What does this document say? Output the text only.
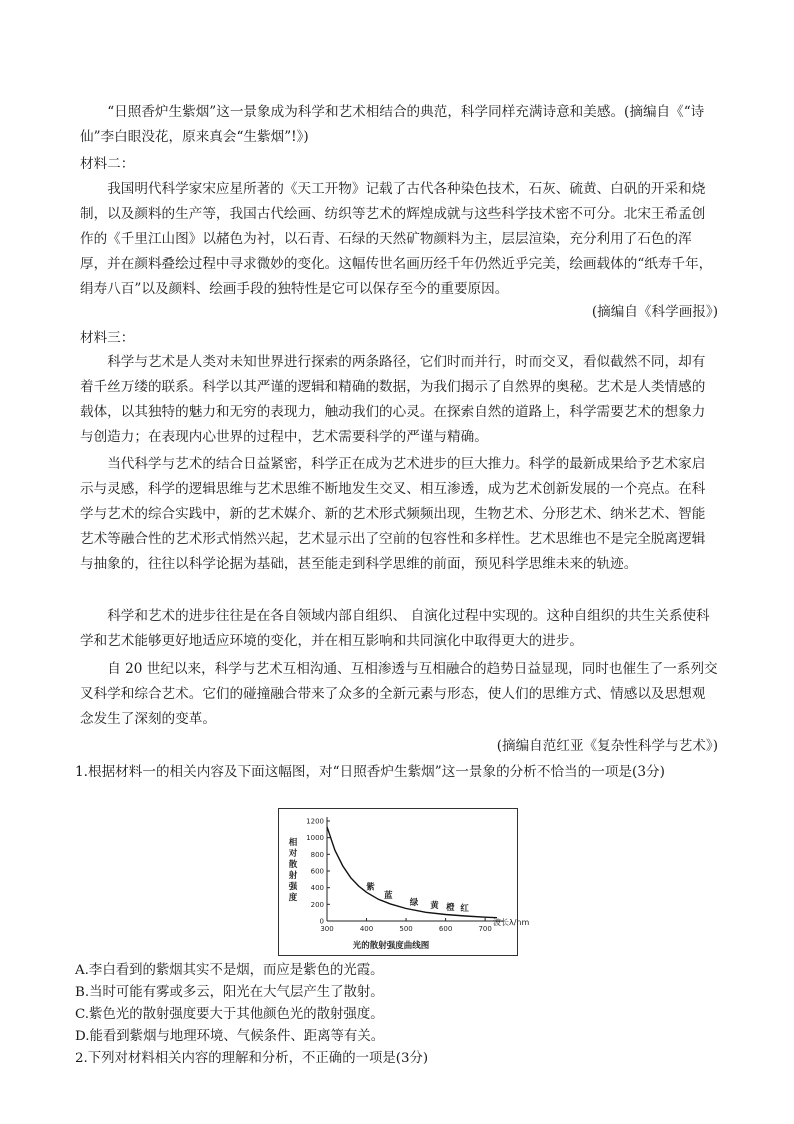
“日照香炉生紫烟”这一景象成为科学和艺术相结合的典范，科学同样充满诗意和美感。(摘编自《“诗仙”李白眼没花，原来真会“生紫烟”!》)

材料二：

我国明代科学家宋应星所著的《天工开物》记载了古代各种染色技术，石灰、硫黄、白矾的开采和烧制，以及颜料的生产等，我国古代绘画、纺织等艺术的辉煌成就与这些科学技术密不可分。北宋王希孟创作的《千里江山图》以赭色为衬，以石青、石绿的天然矿物颜料为主，层层渲染，充分利用了石色的浑厚，并在颜料叠绘过程中寻求微妙的变化。这幅传世名画历经千年仍然近乎完美，绘画载体的“纸寿千年，绢寿八百”以及颜料、绘画手段的独特性是它可以保存至今的重要原因。

(摘编自《科学画报》)

材料三：

科学与艺术是人类对未知世界进行探索的两条路径，它们时而并行，时而交叉，看似截然不同，却有着千丝万缕的联系。科学以其严谨的逻辑和精确的数据，为我们揭示了自然界的奥秘。艺术是人类情感的载体，以其独特的魅力和无穷的表现力，触动我们的心灵。在探索自然的道路上，科学需要艺术的想象力与创造力；在表现内心世界的过程中，艺术需要科学的严谨与精确。

当代科学与艺术的结合日益紧密，科学正在成为艺术进步的巨大推力。科学的最新成果给予艺术家启示与灵感，科学的逻辑思维与艺术思维不断地发生交叉、相互渗透，成为艺术创新发展的一个亮点。在科学与艺术的综合实践中，新的艺术媒介、新的艺术形式频频出现，生物艺术、分形艺术、纳米艺术、智能艺术等融合性的艺术形式悄然兴起，艺术显示出了空前的包容性和多样性。艺术思维也不是完全脱离逻辑与抽象的，往往以科学论据为基础，甚至能走到科学思维的前面，预见科学思维未来的轨迹。

科学和艺术的进步往往是在各自领域内部自组织、 自演化过程中实现的。这种自组织的共生关系使科学和艺术能够更好地适应环境的变化，并在相互影响和共同演化中取得更大的进步。

自 20 世纪以来，科学与艺术互相沟通、互相渗透与互相融合的趋势日益显现，同时也催生了一系列交叉科学和综合艺术。它们的碰撞融合带来了众多的全新元素与形态，使人们的思维方式、情感以及思想观念发生了深刻的变革。

(摘编自范红亚《复杂性科学与艺术》)

1.根据材料一的相关内容及下面这幅图，对“日照香炉生紫烟”这一景象的分析不恰当的一项是(3分)

300	400	500	600	700
0
200
400
600
800
1000
1200
相
对
散
射
强
度
波长λ/nm
紫
蓝
绿 黄 橙 红
光的散射强度曲线图
A.李白看到的紫烟其实不是烟，而应是紫色的光霞。
B.当时可能有雾或多云，阳光在大气层产生了散射。
C.紫色光的散射强度要大于其他颜色光的散射强度。
D.能看到紫烟与地理环境、气候条件、距离等有关。
2.下列对材料相关内容的理解和分析，不正确的一项是(3分)
